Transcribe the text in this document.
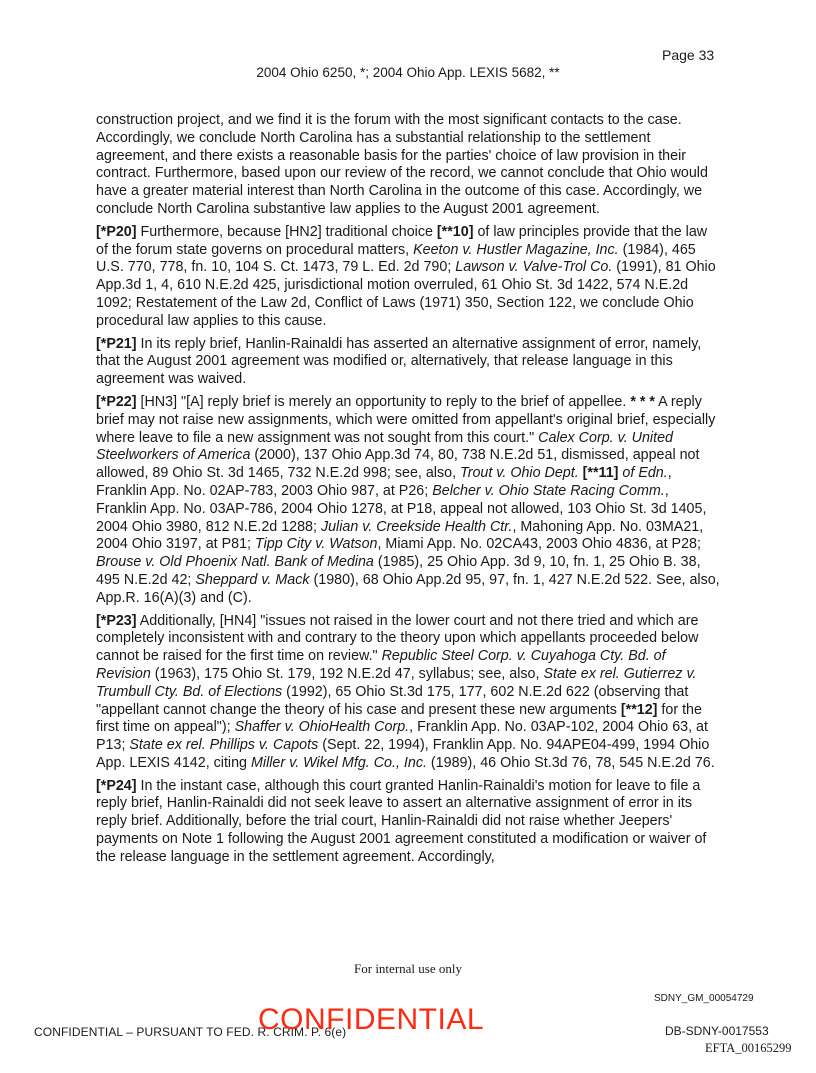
Page 33
2004 Ohio 6250, *; 2004 Ohio App. LEXIS 5682, **

construction project, and we find it is the forum with the most significant contacts to the case. Accordingly, we conclude North Carolina has a substantial relationship to the settlement agreement, and there exists a reasonable basis for the parties' choice of law provision in their contract. Furthermore, based upon our review of the record, we cannot conclude that Ohio would have a greater material interest than North Carolina in the outcome of this case. Accordingly, we conclude North Carolina substantive law applies to the August 2001 agreement.

[*P20] Furthermore, because [HN2] traditional choice [**10] of law principles provide that the law of the forum state governs on procedural matters, Keeton v. Hustler Magazine, Inc. (1984), 465 U.S. 770, 778, fn. 10, 104 S. Ct. 1473, 79 L. Ed. 2d 790; Lawson v. Valve-Trol Co. (1991), 81 Ohio App.3d 1, 4, 610 N.E.2d 425, jurisdictional motion overruled, 61 Ohio St. 3d 1422, 574 N.E.2d 1092; Restatement of the Law 2d, Conflict of Laws (1971) 350, Section 122, we conclude Ohio procedural law applies to this cause.

[*P21] In its reply brief, Hanlin-Rainaldi has asserted an alternative assignment of error, namely, that the August 2001 agreement was modified or, alternatively, that release language in this agreement was waived.

[*P22] [HN3] "[A] reply brief is merely an opportunity to reply to the brief of appellee. * * * A reply brief may not raise new assignments, which were omitted from appellant's original brief, especially where leave to file a new assignment was not sought from this court." Calex Corp. v. United Steelworkers of America (2000), 137 Ohio App.3d 74, 80, 738 N.E.2d 51, dismissed, appeal not allowed, 89 Ohio St. 3d 1465, 732 N.E.2d 998; see, also, Trout v. Ohio Dept. [**11] of Edn., Franklin App. No. 02AP-783, 2003 Ohio 987, at P26; Belcher v. Ohio State Racing Comm., Franklin App. No. 03AP-786, 2004 Ohio 1278, at P18, appeal not allowed, 103 Ohio St. 3d 1405, 2004 Ohio 3980, 812 N.E.2d 1288; Julian v. Creekside Health Ctr., Mahoning App. No. 03MA21, 2004 Ohio 3197, at P81; Tipp City v. Watson, Miami App. No. 02CA43, 2003 Ohio 4836, at P28; Brouse v. Old Phoenix Natl. Bank of Medina (1985), 25 Ohio App. 3d 9, 10, fn. 1, 25 Ohio B. 38, 495 N.E.2d 42; Sheppard v. Mack (1980), 68 Ohio App.2d 95, 97, fn. 1, 427 N.E.2d 522. See, also, App.R. 16(A)(3) and (C).

[*P23] Additionally, [HN4] "issues not raised in the lower court and not there tried and which are completely inconsistent with and contrary to the theory upon which appellants proceeded below cannot be raised for the first time on review." Republic Steel Corp. v. Cuyahoga Cty. Bd. of Revision (1963), 175 Ohio St. 179, 192 N.E.2d 47, syllabus; see, also, State ex rel. Gutierrez v. Trumbull Cty. Bd. of Elections (1992), 65 Ohio St.3d 175, 177, 602 N.E.2d 622 (observing that "appellant cannot change the theory of his case and present these new arguments [**12] for the first time on appeal"); Shaffer v. OhioHealth Corp., Franklin App. No. 03AP-102, 2004 Ohio 63, at P13; State ex rel. Phillips v. Capots (Sept. 22, 1994), Franklin App. No. 94APE04-499, 1994 Ohio App. LEXIS 4142, citing Miller v. Wikel Mfg. Co., Inc. (1989), 46 Ohio St.3d 76, 78, 545 N.E.2d 76.

[*P24] In the instant case, although this court granted Hanlin-Rainaldi's motion for leave to file a reply brief, Hanlin-Rainaldi did not seek leave to assert an alternative assignment of error in its reply brief. Additionally, before the trial court, Hanlin-Rainaldi did not raise whether Jeepers' payments on Note 1 following the August 2001 agreement constituted a modification or waiver of the release language in the settlement agreement. Accordingly,

For internal use only
SDNY_GM_00054729
CONFIDENTIAL – PURSUANT TO FED. R. CRIM. P. 6(e)
CONFIDENTIAL	DB-SDNY-0017553
EFTA_00165299
